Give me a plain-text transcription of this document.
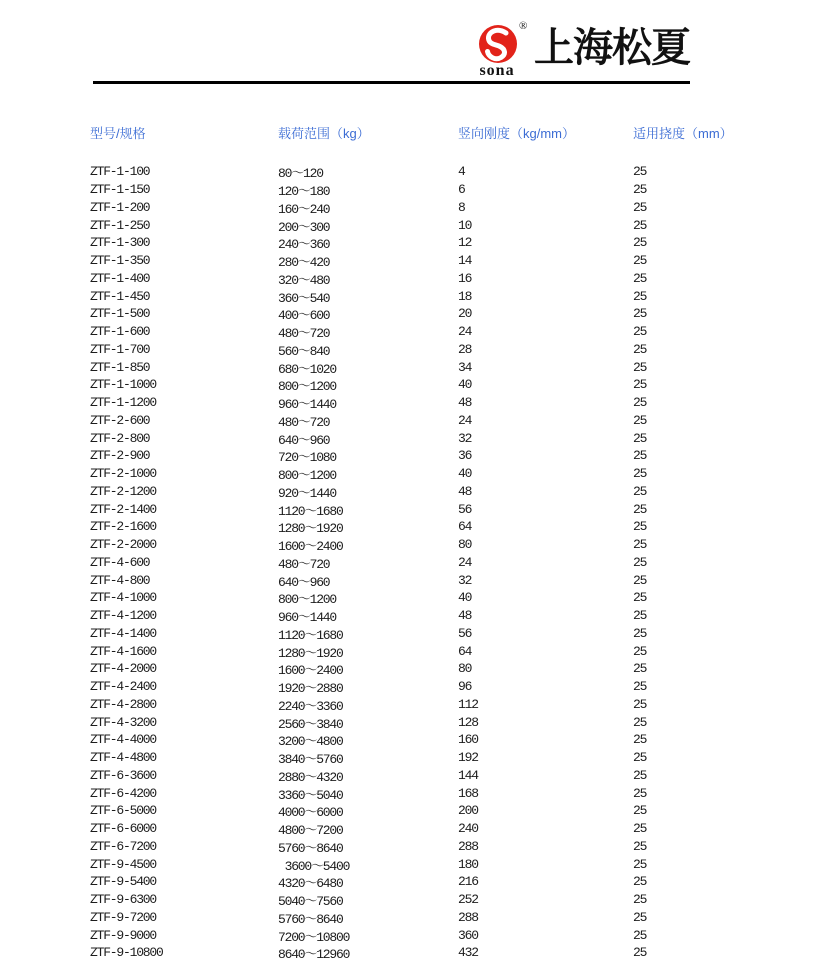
®
sona
上海松夏
型号/规格	载荷范围（kg）	竖向刚度（kg/mm）	适用挠度（mm）
ZTF-1-100	80～120	4	25
ZTF-1-150	120～180	6	25
ZTF-1-200	160～240	8	25
ZTF-1-250	200～300	10	25
ZTF-1-300	240～360	12	25
ZTF-1-350	280～420	14	25
ZTF-1-400	320～480	16	25
ZTF-1-450	360～540	18	25
ZTF-1-500	400～600	20	25
ZTF-1-600	480～720	24	25
ZTF-1-700	560～840	28	25
ZTF-1-850	680～1020	34	25
ZTF-1-1000	800～1200	40	25
ZTF-1-1200	960～1440	48	25
ZTF-2-600	480～720	24	25
ZTF-2-800	640～960	32	25
ZTF-2-900	720～1080	36	25
ZTF-2-1000	800～1200	40	25
ZTF-2-1200	920～1440	48	25
ZTF-2-1400	1120～1680	56	25
ZTF-2-1600	1280～1920	64	25
ZTF-2-2000	1600～2400	80	25
ZTF-4-600	480～720	24	25
ZTF-4-800	640～960	32	25
ZTF-4-1000	800～1200	40	25
ZTF-4-1200	960～1440	48	25
ZTF-4-1400	1120～1680	56	25
ZTF-4-1600	1280～1920	64	25
ZTF-4-2000	1600～2400	80	25
ZTF-4-2400	1920～2880	96	25
ZTF-4-2800	2240～3360	112	25
ZTF-4-3200	2560～3840	128	25
ZTF-4-4000	3200～4800	160	25
ZTF-4-4800	3840～5760	192	25
ZTF-6-3600	2880～4320	144	25
ZTF-6-4200	3360～5040	168	25
ZTF-6-5000	4000～6000	200	25
ZTF-6-6000	4800～7200	240	25
ZTF-6-7200	5760～8640	288	25
ZTF-9-4500	3600～5400	180	25
ZTF-9-5400	4320～6480	216	25
ZTF-9-6300	5040～7560	252	25
ZTF-9-7200	5760～8640	288	25
ZTF-9-9000	7200～10800	360	25
ZTF-9-10800	8640～12960	432	25
